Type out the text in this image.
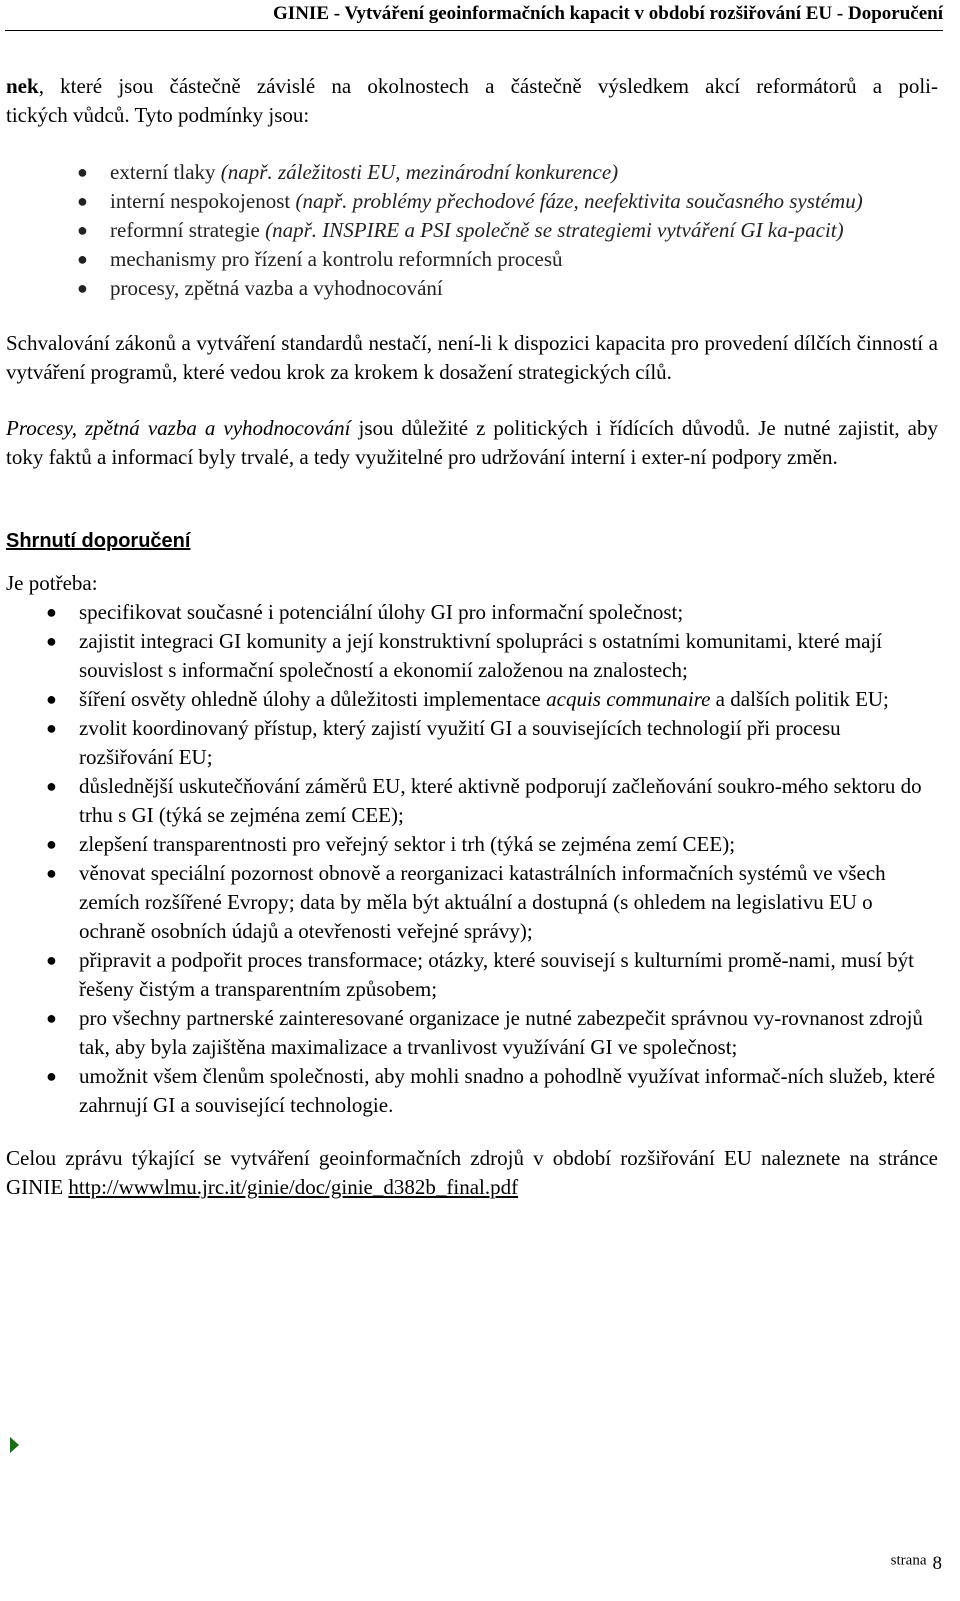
GINIE - Vytváření geoinformačních kapacit v období rozšiřování EU - Doporučení

nek, které jsou částečně závislé na okolnostech a částečně výsledkem akcí reformátorů a poli-

tických vůdců. Tyto podmínky jsou:

● externí tlaky (např. záležitosti EU, mezinárodní konkurence)
● interní nespokojenost (např. problémy přechodové fáze, neefektivita současného systému)
● reformní strategie (např. INSPIRE a PSI společně se strategiemi vytváření GI ka-pacit)
● mechanismy pro řízení a kontrolu reformních procesů
● procesy, zpětná vazba a vyhodnocování

Schvalování zákonů a vytváření standardů nestačí, není-li k dispozici kapacita pro provedení dílčích činností a vytváření programů, které vedou krok za krokem k dosažení strategických cílů.

Procesy, zpětná vazba a vyhodnocování jsou důležité z politických i řídících důvodů. Je nutné zajistit, aby toky faktů a informací byly trvalé, a tedy využitelné pro udržování interní i exter-ní podpory změn.

Shrnutí doporučení

Je potřeba:

● specifikovat současné i potenciální úlohy GI pro informační společnost;
● zajistit integraci GI komunity a její konstruktivní spolupráci s ostatními komunitami, které mají souvislost s informační společností a ekonomií založenou na znalostech;
● šíření osvěty ohledně úlohy a důležitosti implementace acquis communaire a dalších politik EU;
● zvolit koordinovaný přístup, který zajistí využití GI a souvisejících technologií při procesu rozšiřování EU;
● důslednější uskutečňování záměrů EU, které aktivně podporují začleňování soukro-mého sektoru do trhu s GI (týká se zejména zemí CEE);
● zlepšení transparentnosti pro veřejný sektor i trh (týká se zejména zemí CEE);
● věnovat speciální pozornost obnově a reorganizaci katastrálních informačních systémů ve všech zemích rozšířené Evropy; data by měla být aktuální a dostupná (s ohledem na legislativu EU o ochraně osobních údajů a otevřenosti veřejné správy);
● připravit a podpořit proces transformace; otázky, které souvisejí s kulturními promě-nami, musí být řešeny čistým a transparentním způsobem;
● pro všechny partnerské zainteresované organizace je nutné zabezpečit správnou vy-rovnanost zdrojů tak, aby byla zajištěna maximalizace a trvanlivost využívání GI ve společnost;
● umožnit všem členům společnosti, aby mohli snadno a pohodlně využívat informač-ních služeb, které zahrnují GI a související technologie.

Celou zprávu týkající se vytváření geoinformačních zdrojů v období rozšiřování EU naleznete na stránce GINIE http://wwwlmu.jrc.it/ginie/doc/ginie_d382b_final.pdf

strana 8
